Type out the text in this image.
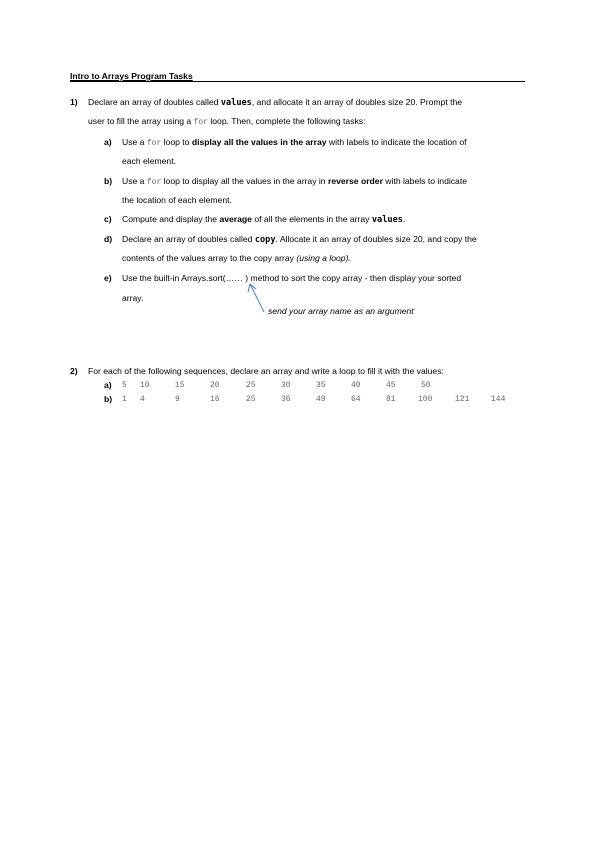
Intro to Arrays Program Tasks
1) Declare an array of doubles called values, and allocate it an array of doubles size 20. Prompt the
user to fill the array using a for loop. Then, complete the following tasks:
a) Use a for loop to display all the values in the array with labels to indicate the location of
each element.
b) Use a for loop to display all the values in the array in reverse order with labels to indicate
the location of each element.
c) Compute and display the average of all the elements in the array values.
d) Declare an array of doubles called copy. Allocate it an array of doubles size 20, and copy the
contents of the values array to the copy array (using a loop).
e) Use the built-in Arrays.sort(…… ) method to sort the copy array - then display your sorted
array.
send your array name as an argument
2) For each of the following sequences, declare an array and write a loop to fill it with the values:
a) 5 10	15	20	25	30	35	40	45	50
b) 1 4	9	16	25	36	49	64	81	100	121	144
